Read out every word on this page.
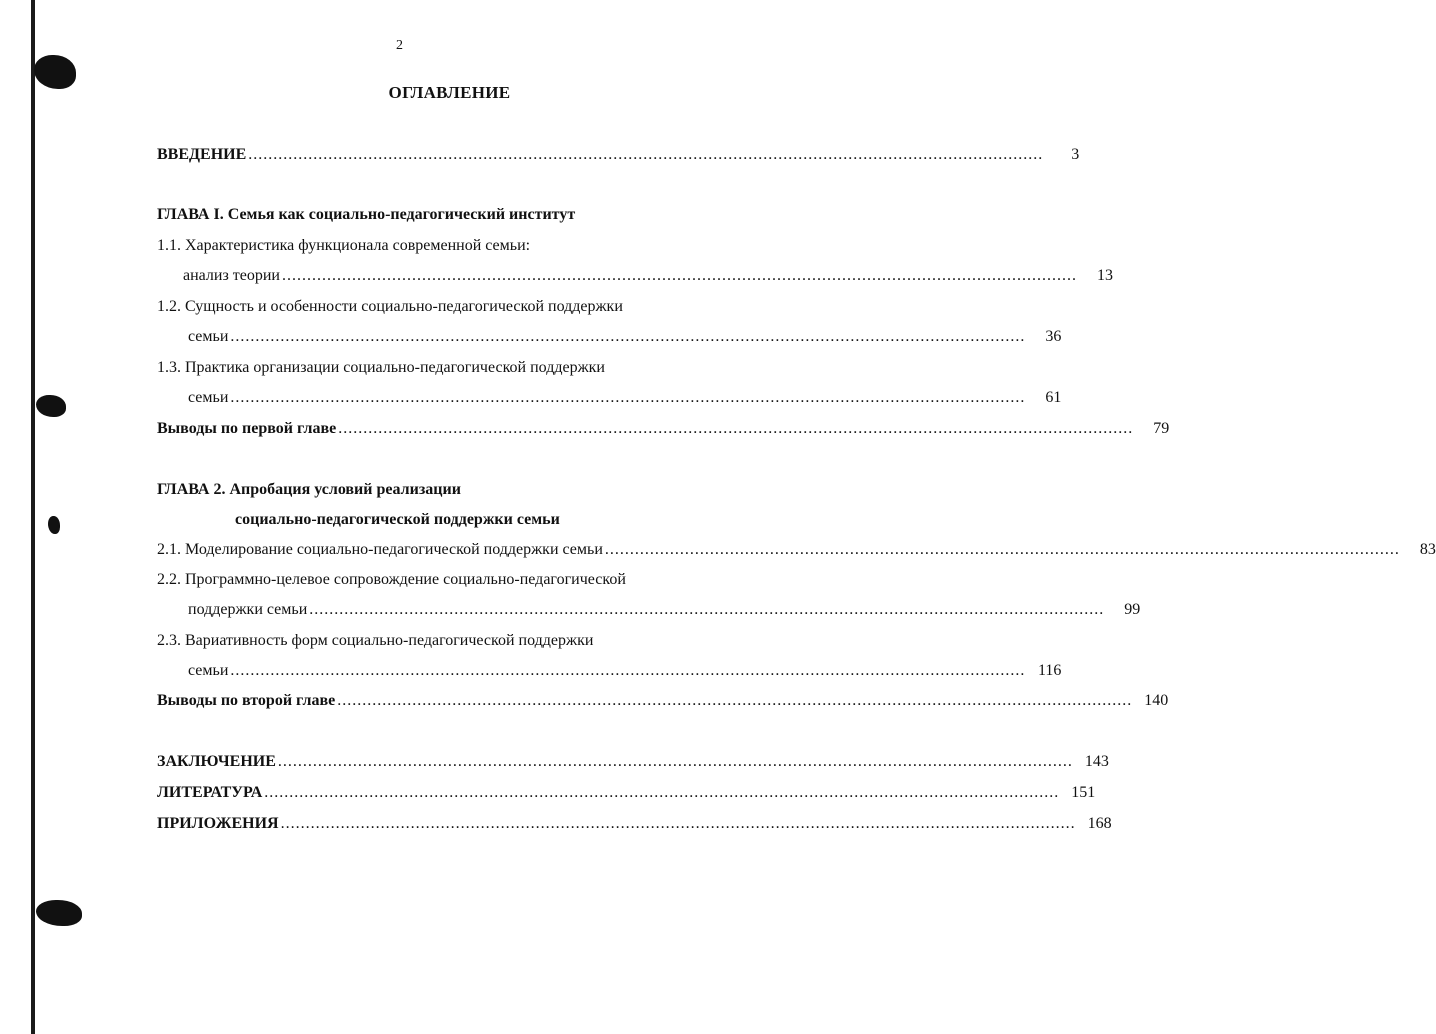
2
ОГЛАВЛЕНИЕ
ВВЕДЕНИЕ ...............................................................................................................................................................	3
ГЛАВА I. Семья как социально-педагогический институт
1.1. Характеристика функционала современной семьи:
анализ теории ...............................................................................................................................................................	13
1.2. Сущность и особенности социально-педагогической поддержки
семьи ...............................................................................................................................................................	36
1.3. Практика организации социально-педагогической поддержки
семьи ...............................................................................................................................................................	61
Выводы по первой главе ...............................................................................................................................................................	79
ГЛАВА 2. Апробация условий реализации
социально-педагогической поддержки семьи
2.1. Моделирование социально-педагогической поддержки семьи ...............................................................................................................................................................	83
2.2. Программно-целевое сопровождение социально-педагогической
поддержки семьи ...............................................................................................................................................................	99
2.3. Вариативность форм социально-педагогической поддержки
семьи ............................................................................................................................................................... 116
Выводы по второй главе ............................................................................................................................................................... 140
ЗАКЛЮЧЕНИЕ ............................................................................................................................................................... 143
ЛИТЕРАТУРА ............................................................................................................................................................... 151
ПРИЛОЖЕНИЯ ............................................................................................................................................................... 168
